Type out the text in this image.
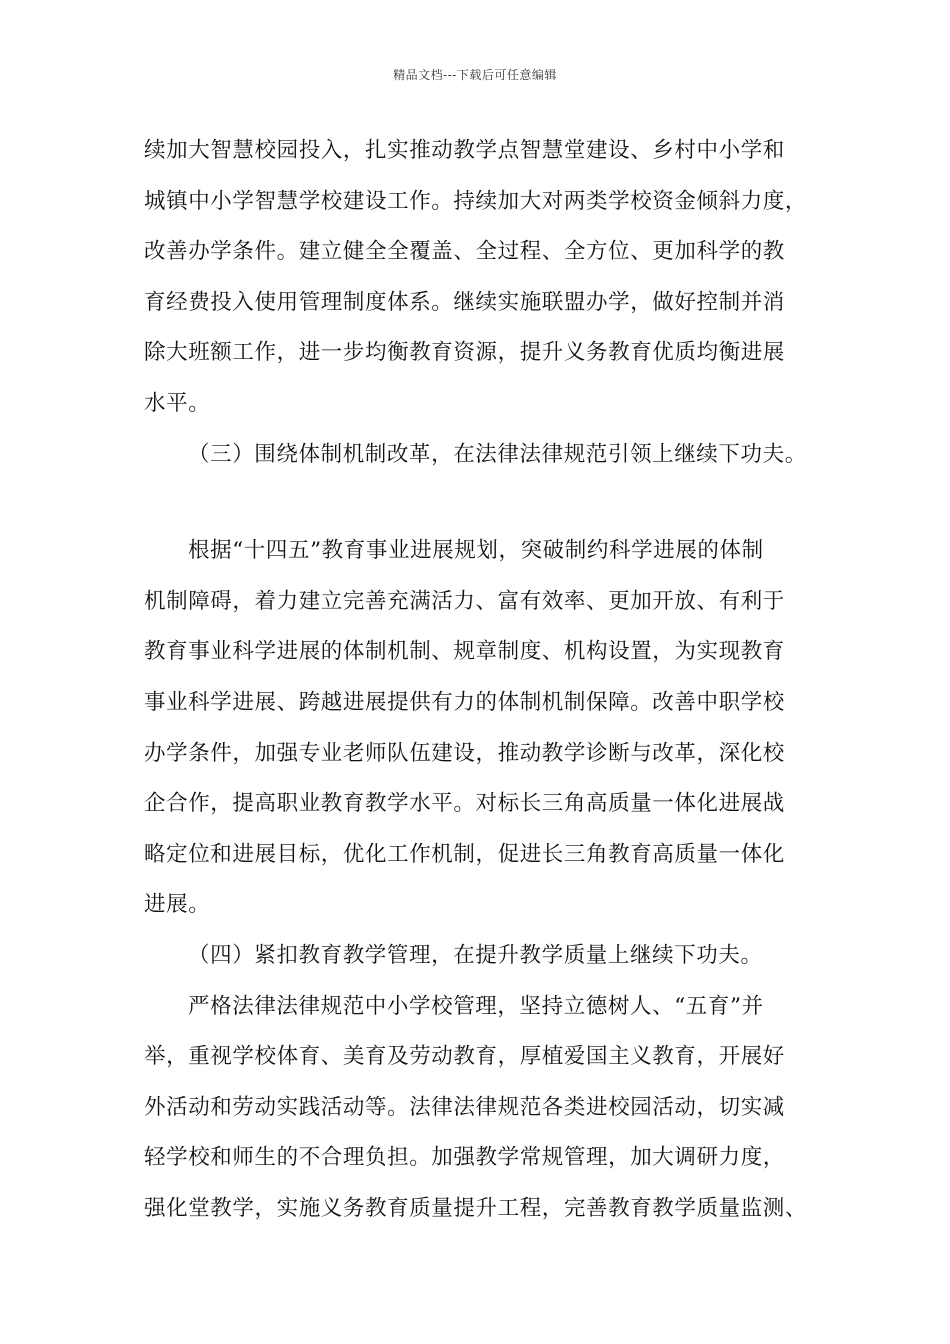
精品文档---下载后可任意编辑
续加大智慧校园投入，扎实推动教学点智慧堂建设、乡村中小学和
城镇中小学智慧学校建设工作。持续加大对两类学校资金倾斜力度，
改善办学条件。建立健全全覆盖、全过程、全方位、更加科学的教
育经费投入使用管理制度体系。继续实施联盟办学，做好控制并消
除大班额工作，进一步均衡教育资源，提升义务教育优质均衡进展
水平。
（三）围绕体制机制改革，在法律法律规范引领上继续下功夫。
根据“十四五”教育事业进展规划，突破制约科学进展的体制
机制障碍，着力建立完善充满活力、富有效率、更加开放、有利于
教育事业科学进展的体制机制、规章制度、机构设置，为实现教育
事业科学进展、跨越进展提供有力的体制机制保障。改善中职学校
办学条件，加强专业老师队伍建设，推动教学诊断与改革，深化校
企合作，提高职业教育教学水平。对标长三角高质量一体化进展战
略定位和进展目标，优化工作机制，促进长三角教育高质量一体化
进展。
（四）紧扣教育教学管理，在提升教学质量上继续下功夫。
严格法律法律规范中小学校管理，坚持立德树人、“五育”并
举，重视学校体育、美育及劳动教育，厚植爱国主义教育，开展好
外活动和劳动实践活动等。法律法律规范各类进校园活动，切实减
轻学校和师生的不合理负担。加强教学常规管理，加大调研力度，
强化堂教学，实施义务教育质量提升工程，完善教育教学质量监测、
